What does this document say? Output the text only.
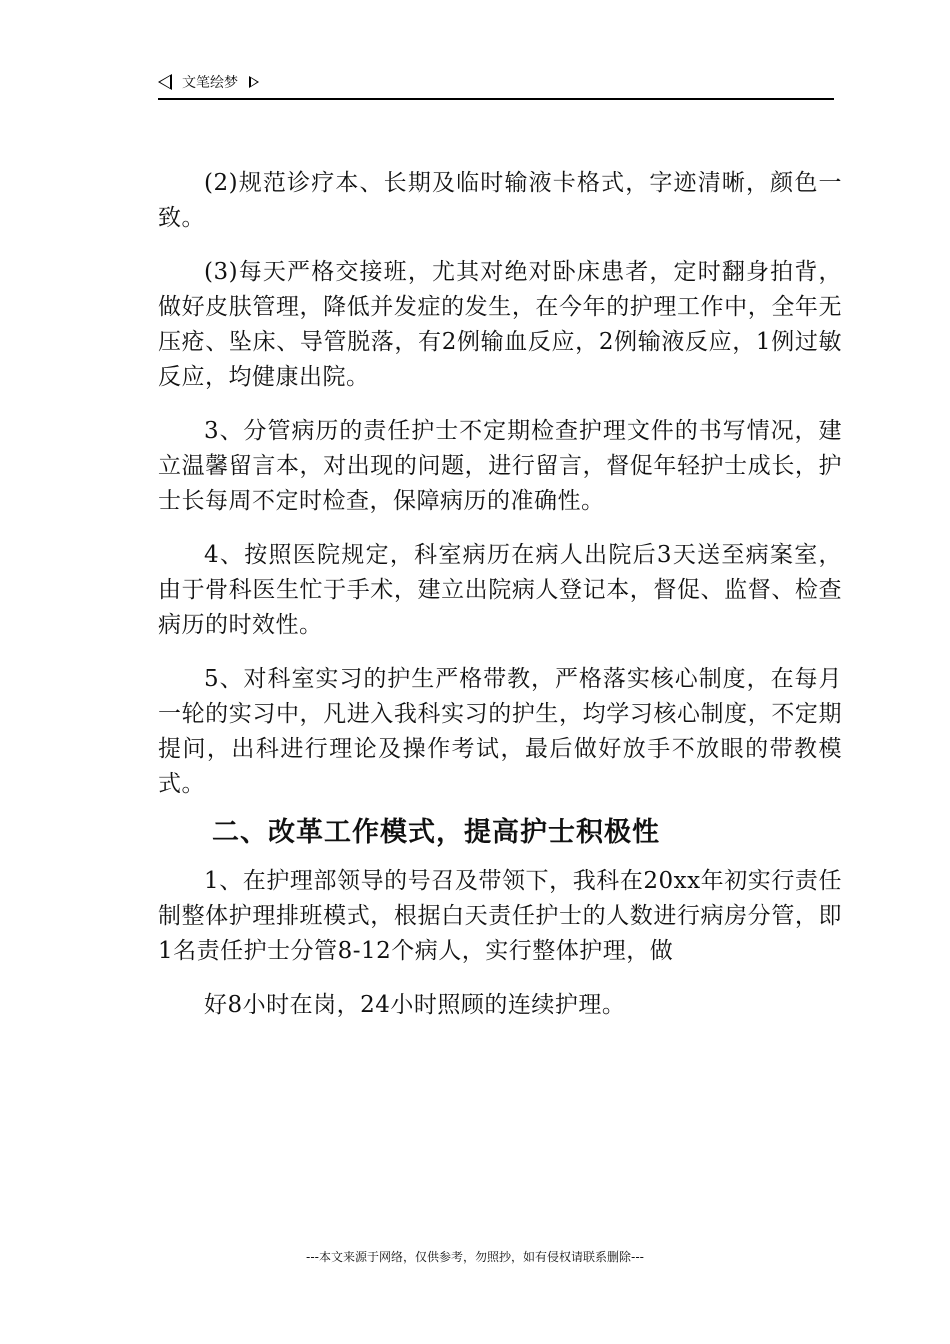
文笔绘梦

(2)规范诊疗本、长期及临时输液卡格式，字迹清晰，颜色一致。

(3)每天严格交接班，尤其对绝对卧床患者，定时翻身拍背，做好皮肤管理，降低并发症的发生，在今年的护理工作中，全年无压疮、坠床、导管脱落，有2例输血反应，2例输液反应，1例过敏反应，均健康出院。

3、分管病历的责任护士不定期检查护理文件的书写情况，建立温馨留言本，对出现的问题，进行留言，督促年轻护士成长，护士长每周不定时检查，保障病历的准确性。

4、按照医院规定，科室病历在病人出院后3天送至病案室，由于骨科医生忙于手术，建立出院病人登记本，督促、监督、检查病历的时效性。

5、对科室实习的护生严格带教，严格落实核心制度，在每月一轮的实习中，凡进入我科实习的护生，均学习核心制度，不定期提问，出科进行理论及操作考试，最后做好放手不放眼的带教模式。

二、改革工作模式，提高护士积极性

1、在护理部领导的号召及带领下，我科在20xx年初实行责任制整体护理排班模式，根据白天责任护士的人数进行病房分管，即1名责任护士分管8-12个病人，实行整体护理，做

好8小时在岗，24小时照顾的连续护理。

---本文来源于网络，仅供参考，勿照抄，如有侵权请联系删除---
